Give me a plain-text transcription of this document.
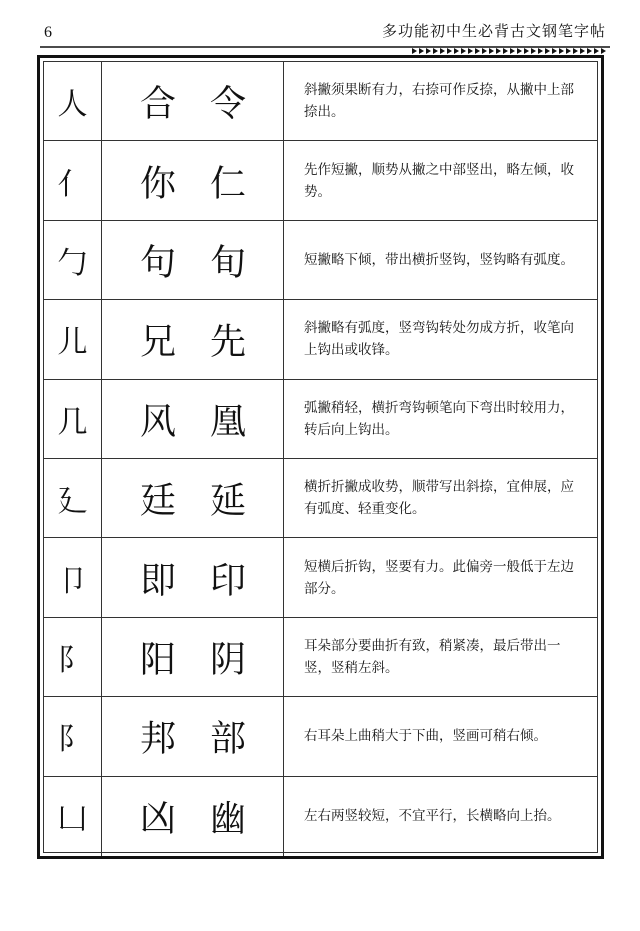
6	多功能初中生必背古文钢笔字帖
人	合 令	斜撇须果断有力，右捺可作反捺，从撇中上部捺出。
亻	你 仁	先作短撇，顺势从撇之中部竖出，略左倾，收势。
勹	句 旬	短撇略下倾，带出横折竖钩，竖钩略有弧度。
儿	兄 先	斜撇略有弧度，竖弯钩转处勿成方折，收笔向上钩出或收锋。
几	风 凰	弧撇稍轻，横折弯钩顿笔向下弯出时较用力，转后向上钩出。
廴	廷 延	横折折撇成收势，顺带写出斜捺，宜伸展，应有弧度、轻重变化。
卩	即 印	短横后折钩，竖要有力。此偏旁一般低于左边部分。
阝	阳 阴	耳朵部分要曲折有致，稍紧凑，最后带出一竖，竖稍左斜。
阝	邦 部	右耳朵上曲稍大于下曲，竖画可稍右倾。
凵	凶 幽	左右两竖较短，不宜平行，长横略向上抬。
